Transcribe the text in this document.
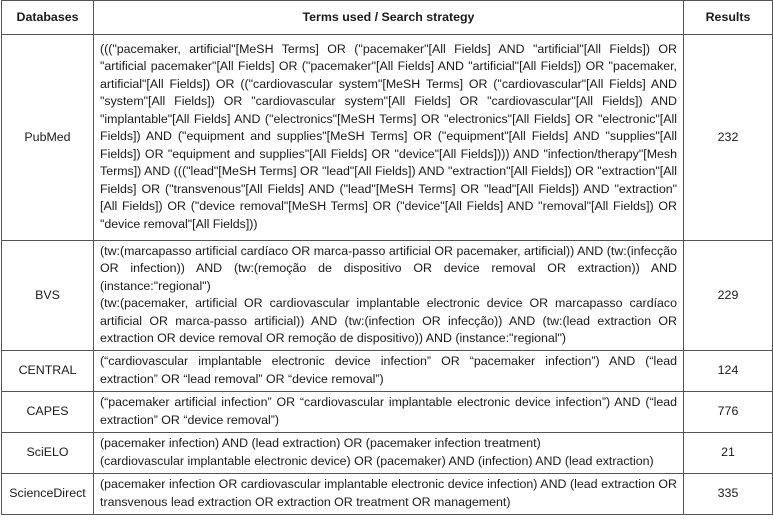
Databases	Terms used / Search strategy	Results
PubMed	((("pacemaker, artificial"[MeSH Terms] OR ("pacemaker"[All Fields] AND "artificial"[All Fields]) OR "artificial pacemaker"[All Fields] OR ("pacemaker"[All Fields] AND "artificial"[All Fields]) OR "pacemaker, artificial"[All Fields]) OR (("cardiovascular system"[MeSH Terms] OR ("cardiovascular"[All Fields] AND "system"[All Fields]) OR "cardiovascular system"[All Fields] OR "cardiovascular"[All Fields]) AND "implantable"[All Fields] AND ("electronics"[MeSH Terms] OR "electronics"[All Fields] OR "electronic"[All Fields]) AND ("equipment and supplies"[MeSH Terms] OR ("equipment"[All Fields] AND "supplies"[All Fields]) OR "equipment and supplies"[All Fields] OR "device"[All Fields]))) AND "infection/therapy"[Mesh Terms]) AND ((("lead"[MeSH Terms] OR "lead"[All Fields]) AND "extraction"[All Fields]) OR "extraction"[All Fields] OR ("transvenous"[All Fields] AND ("lead"[MeSH Terms] OR "lead"[All Fields]) AND "extraction"[All Fields]) OR ("device removal"[MeSH Terms] OR ("device"[All Fields] AND "removal"[All Fields]) OR "device removal"[All Fields]))	232
BVS	(tw:(marcapasso artificial cardíaco OR marca-passo artificial OR pacemaker, artificial)) AND (tw:(infecção OR infection)) AND (tw:(remoção de dispositivo OR device removal OR extraction)) AND (instance:"regional")
(tw:(pacemaker, artificial OR cardiovascular implantable electronic device OR marcapasso cardíaco artificial OR marca-passo artificial)) AND (tw:(infection OR infecção)) AND (tw:(lead extraction OR extraction OR device removal OR remoção de dispositivo)) AND (instance:"regional")	229
CENTRAL	(“cardiovascular implantable electronic device infection” OR “pacemaker infection”) AND (“lead extraction” OR “lead removal” OR “device removal”)	124
CAPES	(“pacemaker artificial infection” OR “cardiovascular implantable electronic device infection”) AND (“lead extraction” OR “device removal”)	776
SciELO	(pacemaker infection) AND (lead extraction) OR (pacemaker infection treatment)
(cardiovascular implantable electronic device) OR (pacemaker) AND (infection) AND (lead extraction)	21
ScienceDirect	(pacemaker infection OR cardiovascular implantable electronic device infection) AND (lead extraction OR transvenous lead extraction OR extraction OR treatment OR management)	335
